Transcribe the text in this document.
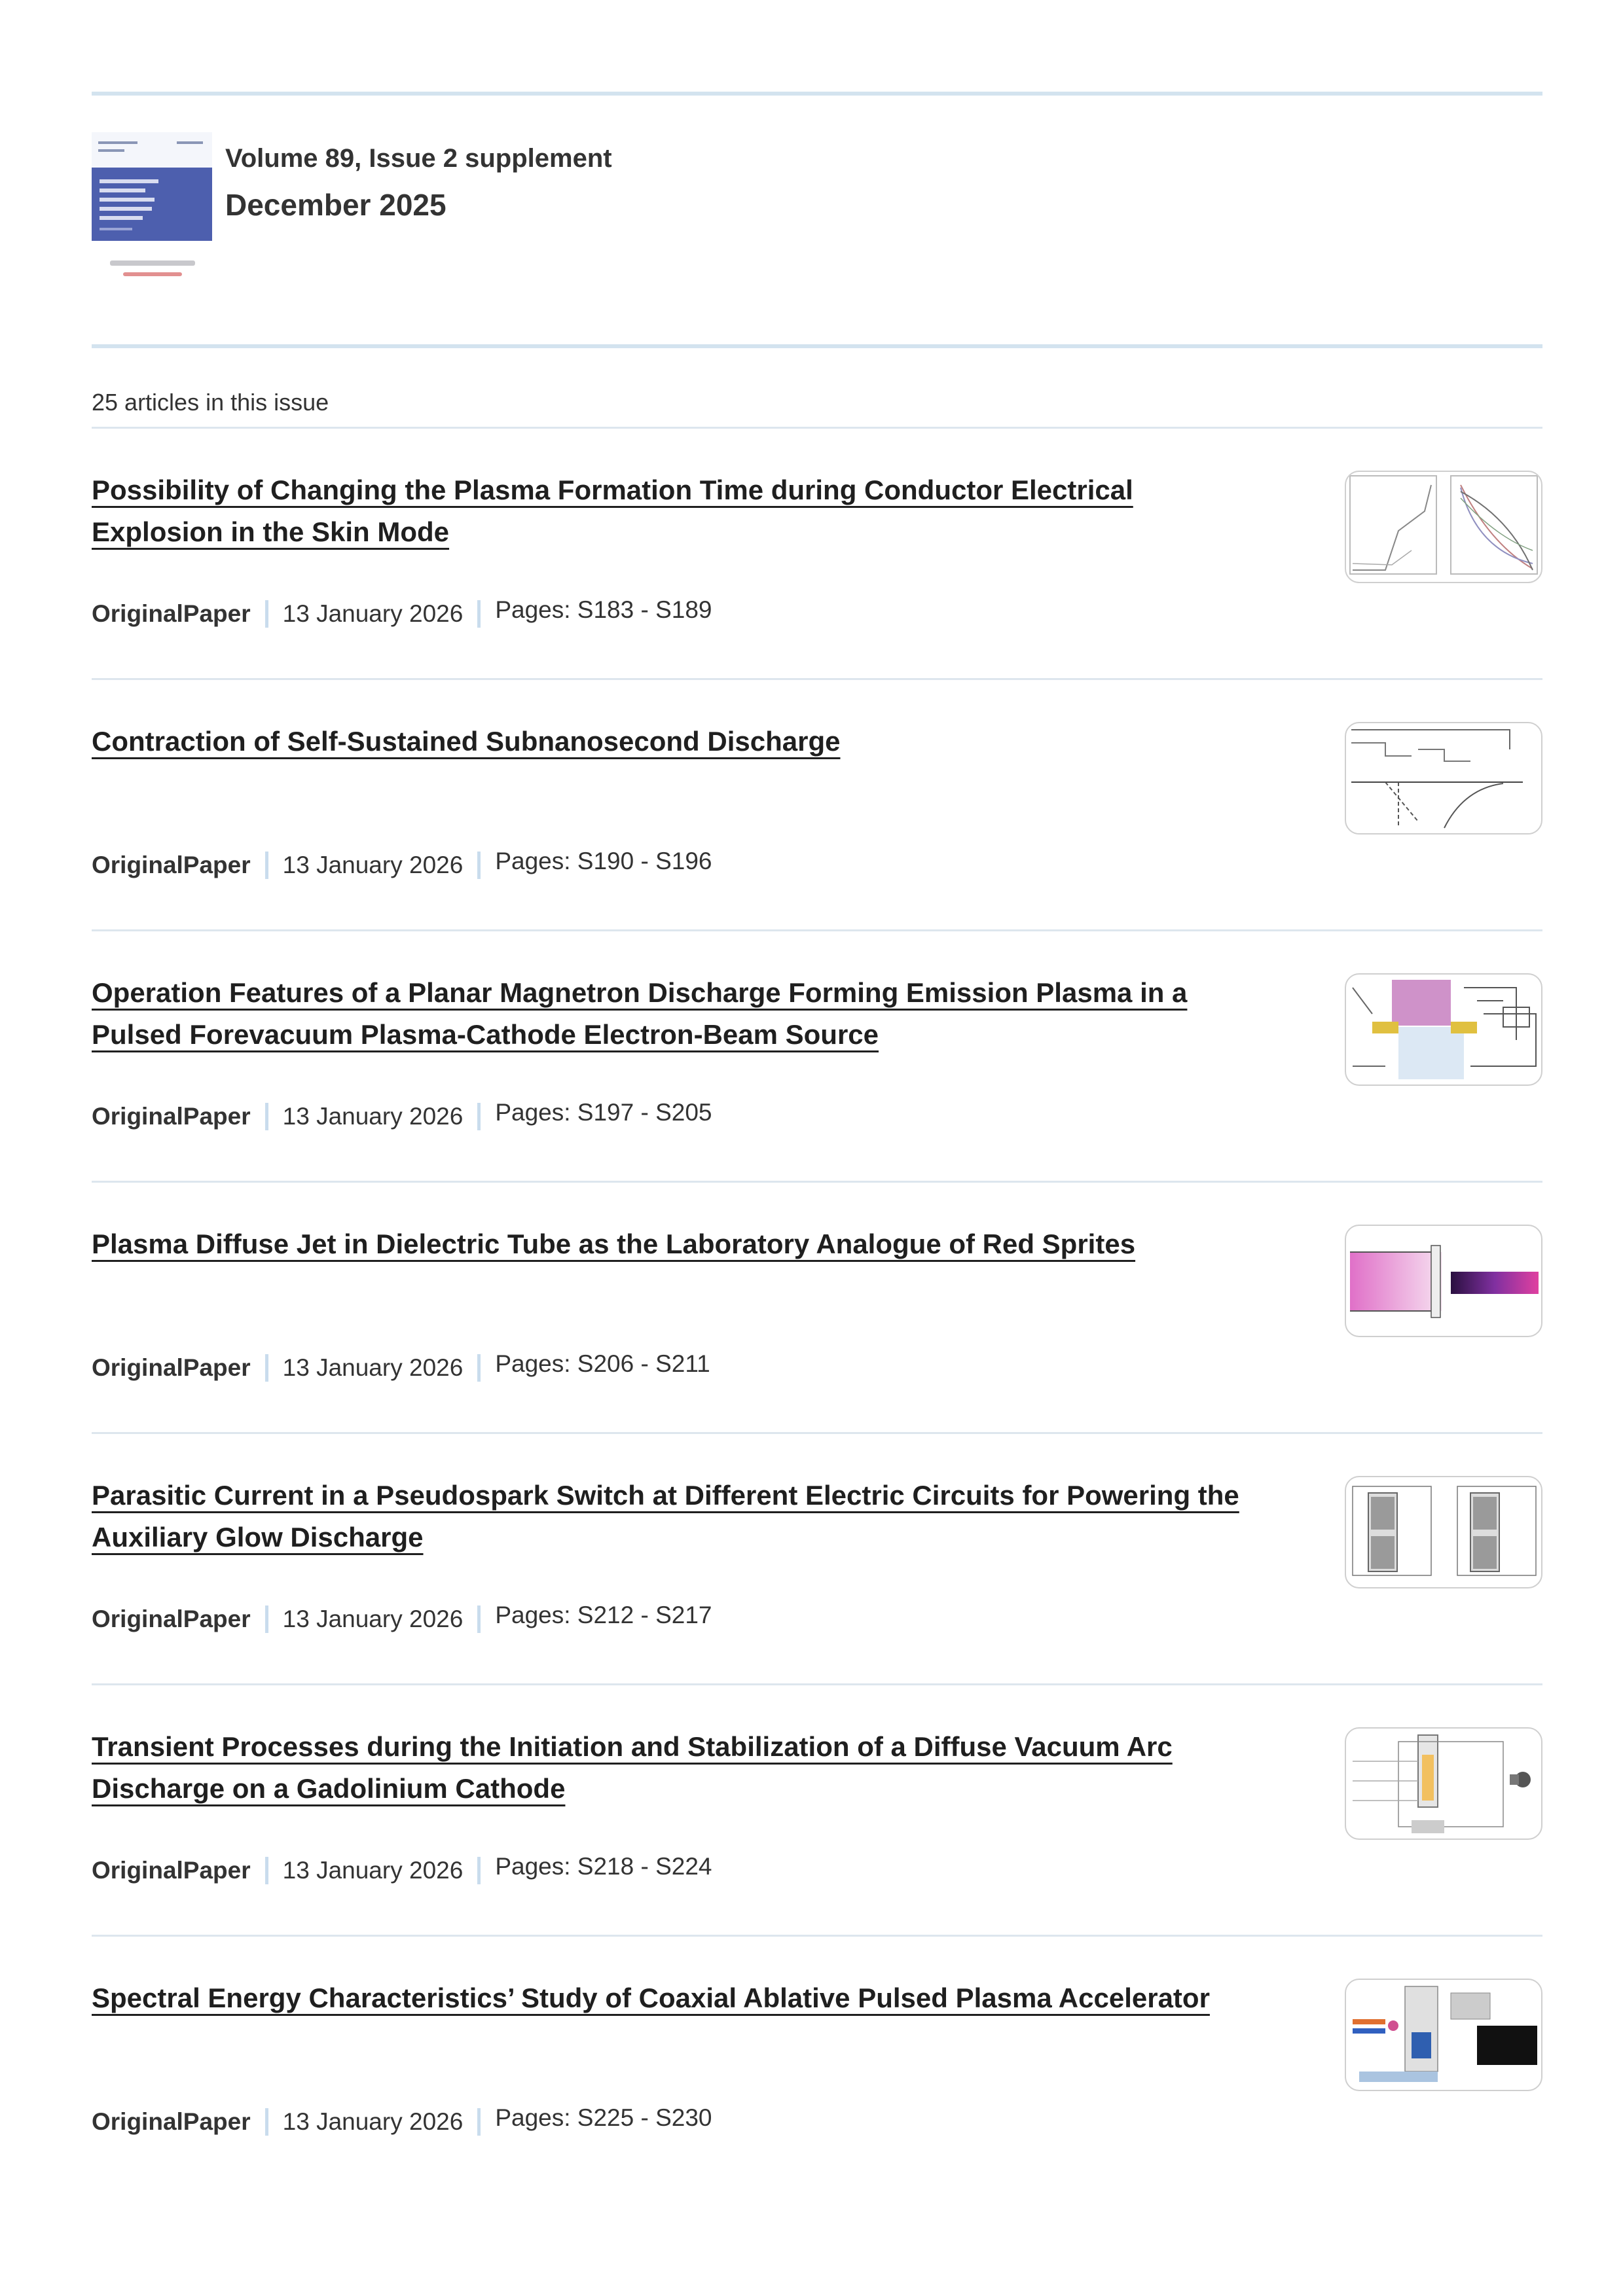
Volume 89, Issue 2 supplement
December 2025
25 articles in this issue
Possibility of Changing the Plasma Formation Time during Conductor Electrical
Explosion in the Skin Mode
OriginalPaper 13 January 2026 Pages: S183 - S189
Contraction of Self-Sustained Subnanosecond Discharge
OriginalPaper 13 January 2026 Pages: S190 - S196
Operation Features of a Planar Magnetron Discharge Forming Emission Plasma in a
Pulsed Forevacuum Plasma-Cathode Electron-Beam Source
OriginalPaper 13 January 2026 Pages: S197 - S205
Plasma Diffuse Jet in Dielectric Tube as the Laboratory Analogue of Red Sprites
OriginalPaper 13 January 2026 Pages: S206 - S211
Parasitic Current in a Pseudospark Switch at Different Electric Circuits for Powering the
Auxiliary Glow Discharge
OriginalPaper 13 January 2026 Pages: S212 - S217
Transient Processes during the Initiation and Stabilization of a Diffuse Vacuum Arc
Discharge on a Gadolinium Cathode
OriginalPaper 13 January 2026 Pages: S218 - S224
Spectral Energy Characteristics’ Study of Coaxial Ablative Pulsed Plasma Accelerator
OriginalPaper 13 January 2026 Pages: S225 - S230
